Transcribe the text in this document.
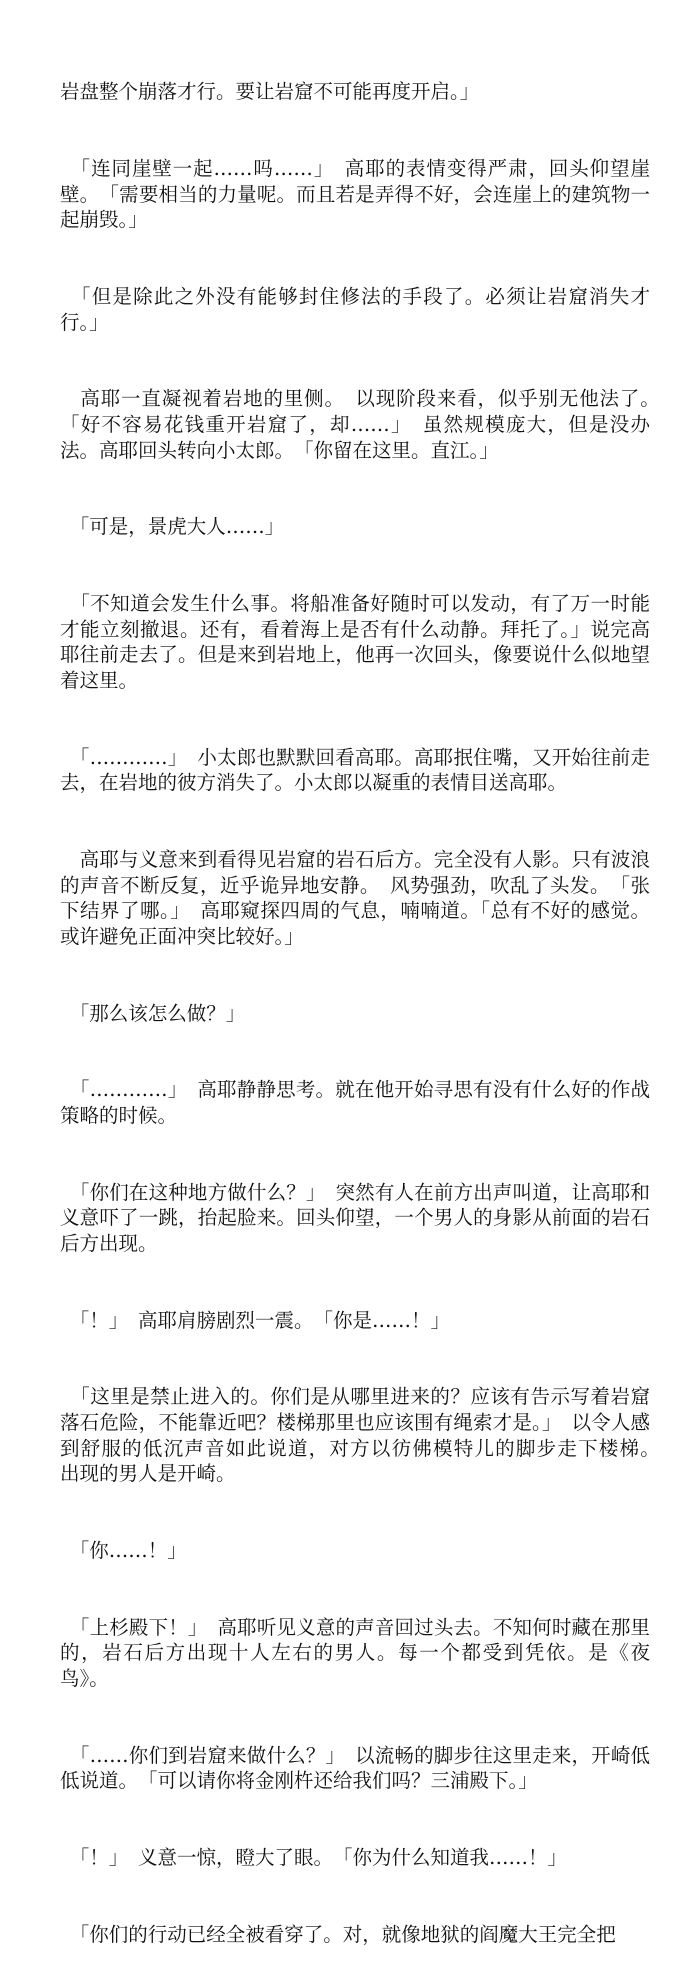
岩盘整个崩落才行。要让岩窟不可能再度开启。」

　「连同崖壁一起……吗……」　高耶的表情变得严肃，回头仰望崖壁。　「需要相当的力量呢。而且若是弄得不好，会连崖上的建筑物一起崩毁。」

　「但是除此之外没有能够封住修法的手段了。必须让岩窟消失才行。」

　高耶一直凝视着岩地的里侧。　以现阶段来看，似乎别无他法了。　「好不容易花钱重开岩窟了，却……」　虽然规模庞大，但是没办法。高耶回头转向小太郎。　「你留在这里。直江。」

　「可是，景虎大人……」

　「不知道会发生什么事。将船准备好随时可以发动，有了万一时能才能立刻撤退。还有，看着海上是否有什么动静。拜托了。」说完高耶往前走去了。但是来到岩地上，他再一次回头，像要说什么似地望着这里。

　「…………」　小太郎也默默回看高耶。高耶抿住嘴，又开始往前走去，在岩地的彼方消失了。小太郎以凝重的表情目送高耶。

　高耶与义意来到看得见岩窟的岩石后方。完全没有人影。只有波浪的声音不断反复，近乎诡异地安静。　风势强劲，吹乱了头发。　「张下结界了哪。」　高耶窥探四周的气息，喃喃道。「总有不好的感觉。或许避免正面冲突比较好。」

　「那么该怎么做？」

　「…………」　高耶静静思考。就在他开始寻思有没有什么好的作战策略的时候。

　「你们在这种地方做什么？」　突然有人在前方出声叫道，让高耶和义意吓了一跳，抬起脸来。回头仰望，一个男人的身影从前面的岩石后方出现。

　「！」　高耶肩膀剧烈一震。　「你是……！」

　「这里是禁止进入的。你们是从哪里进来的？应该有告示写着岩窟落石危险，不能靠近吧？楼梯那里也应该围有绳索才是。」　以令人感到舒服的低沉声音如此说道，对方以彷佛模特儿的脚步走下楼梯。　出现的男人是开崎。

　「你……！」

　「上杉殿下！」　高耶听见义意的声音回过头去。不知何时藏在那里的，岩石后方出现十人左右的男人。每一个都受到凭依。是《夜鸟》。

　「……你们到岩窟来做什么？」　以流畅的脚步往这里走来，开崎低低说道。　「可以请你将金刚杵还给我们吗？三浦殿下。」

　「！」　义意一惊，瞪大了眼。　「你为什么知道我……！」

　「你们的行动已经全被看穿了。对，就像地狱的阎魔大王完全把
